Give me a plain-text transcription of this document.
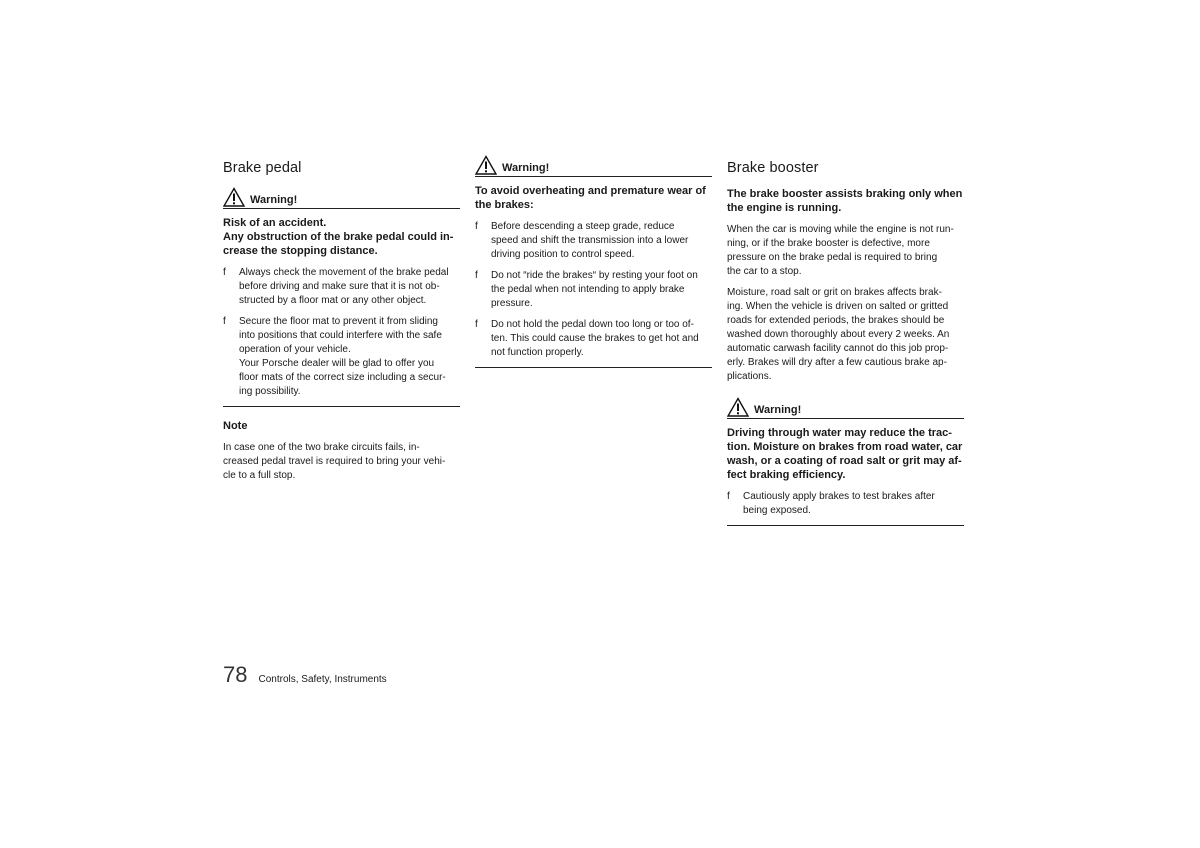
Brake pedal
Warning!
Risk of an accident.
Any obstruction of the brake pedal could in-
crease the stopping distance.
f	Always check the movement of the brake pedal
before driving and make sure that it is not ob-
structed by a floor mat or any other object.
f	Secure the floor mat to prevent it from sliding
into positions that could interfere with the safe
operation of your vehicle.
Your Porsche dealer will be glad to offer you
floor mats of the correct size including a secur-
ing possibility.
Note
In case one of the two brake circuits fails, in-
creased pedal travel is required to bring your vehi-
cle to a full stop.
Warning!
To avoid overheating and premature wear of
the brakes:
f	Before descending a steep grade, reduce
speed and shift the transmission into a lower
driving position to control speed.
f	Do not “ride the brakes“ by resting your foot on
the pedal when not intending to apply brake
pressure.
f	Do not hold the pedal down too long or too of-
ten. This could cause the brakes to get hot and
not function properly.
Brake booster
The brake booster assists braking only when
the engine is running.
When the car is moving while the engine is not run-
ning, or if the brake booster is defective, more
pressure on the brake pedal is required to bring
the car to a stop.
Moisture, road salt or grit on brakes affects brak-
ing. When the vehicle is driven on salted or gritted
roads for extended periods, the brakes should be
washed down thoroughly about every 2 weeks. An
automatic carwash facility cannot do this job prop-
erly. Brakes will dry after a few cautious brake ap-
plications.
Warning!
Driving through water may reduce the trac-
tion. Moisture on brakes from road water, car
wash, or a coating of road salt or grit may af-
fect braking efficiency.
f	Cautiously apply brakes to test brakes after
being exposed.
78 Controls, Safety, Instruments
